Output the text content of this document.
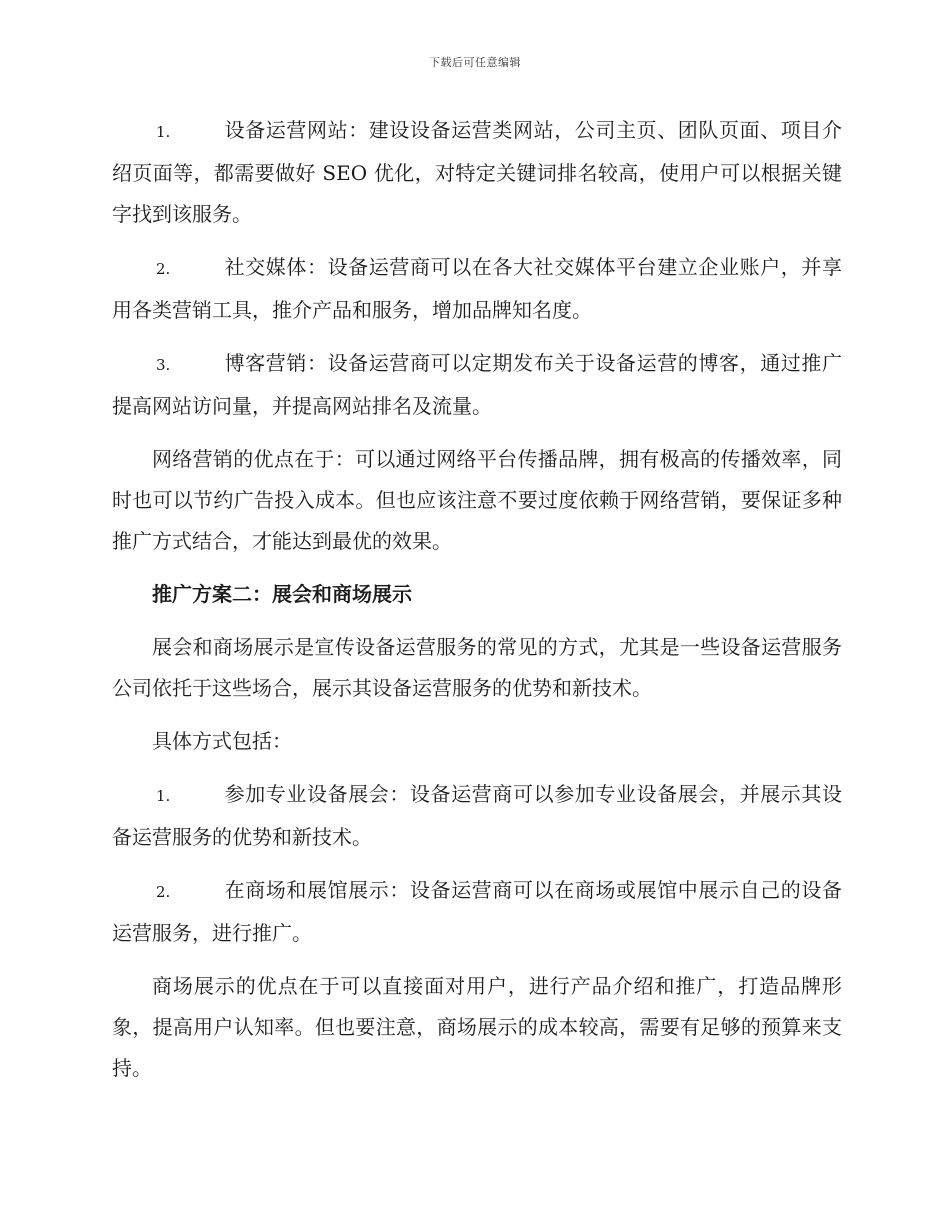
下载后可任意编辑

1.	设备运营网站：建设设备运营类网站，公司主页、团队页面、项目介绍页面等，都需要做好 SEO 优化，对特定关键词排名较高，使用户可以根据关键字找到该服务。

2.	社交媒体：设备运营商可以在各大社交媒体平台建立企业账户，并享用各类营销工具，推介产品和服务，增加品牌知名度。

3.	博客营销：设备运营商可以定期发布关于设备运营的博客，通过推广提高网站访问量，并提高网站排名及流量。

网络营销的优点在于：可以通过网络平台传播品牌，拥有极高的传播效率，同时也可以节约广告投入成本。但也应该注意不要过度依赖于网络营销，要保证多种推广方式结合，才能达到最优的效果。

推广方案二：展会和商场展示

展会和商场展示是宣传设备运营服务的常见的方式，尤其是一些设备运营服务公司依托于这些场合，展示其设备运营服务的优势和新技术。

具体方式包括：

1.	参加专业设备展会：设备运营商可以参加专业设备展会，并展示其设备运营服务的优势和新技术。

2.	在商场和展馆展示：设备运营商可以在商场或展馆中展示自己的设备运营服务，进行推广。

商场展示的优点在于可以直接面对用户，进行产品介绍和推广，打造品牌形象，提高用户认知率。但也要注意，商场展示的成本较高，需要有足够的预算来支持。
